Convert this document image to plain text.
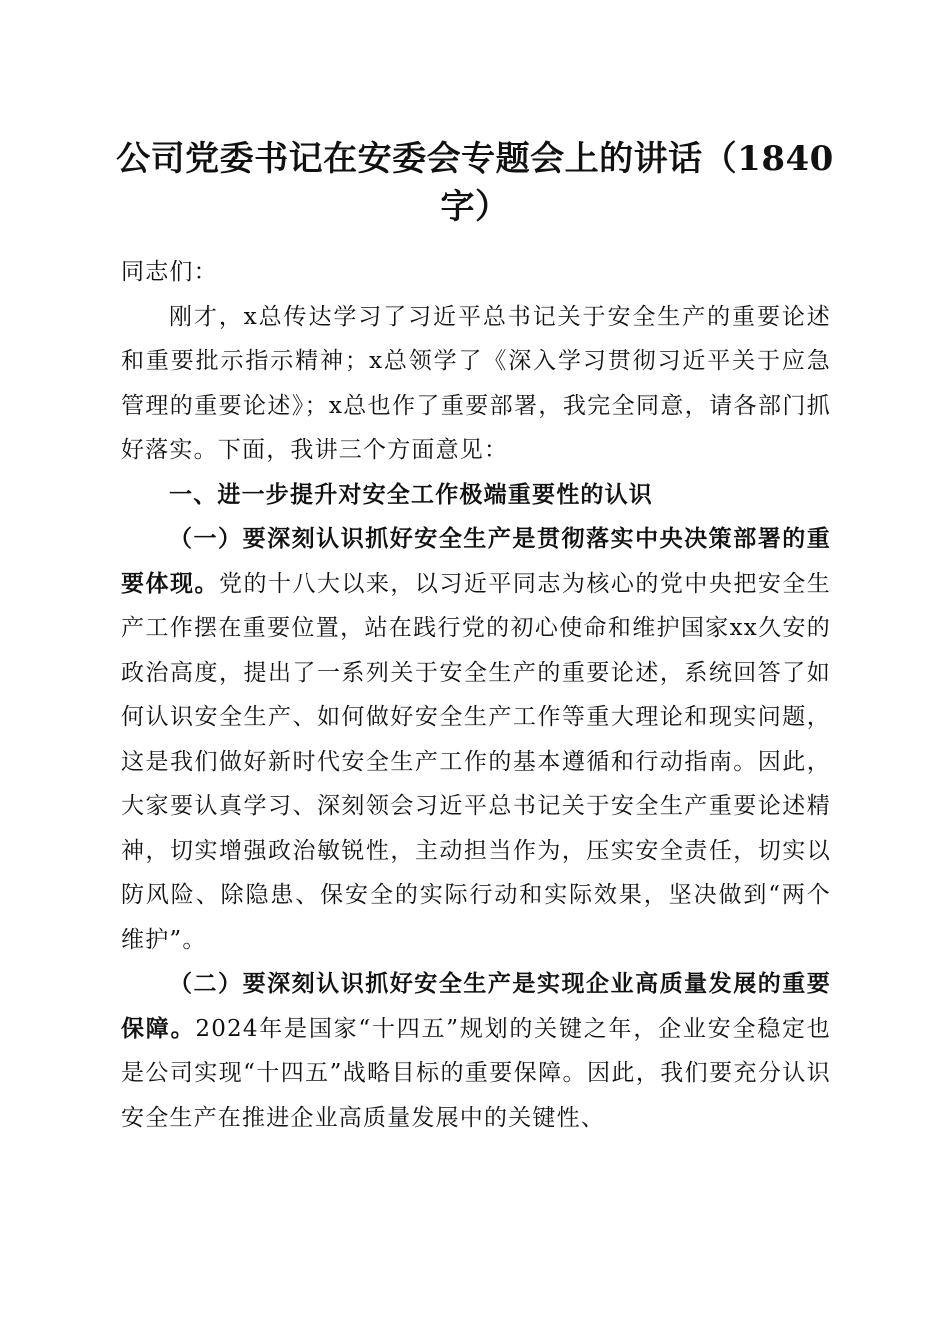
公司党委书记在安委会专题会上的讲话（1840字）

同志们：

刚才，x总传达学习了习近平总书记关于安全生产的重要论述和重要批示指示精神；x总领学了《深入学习贯彻习近平关于应急管理的重要论述》；x总也作了重要部署，我完全同意，请各部门抓好落实。下面，我讲三个方面意见：

一、进一步提升对安全工作极端重要性的认识

（一）要深刻认识抓好安全生产是贯彻落实中央决策部署的重要体现。党的十八大以来，以习近平同志为核心的党中央把安全生产工作摆在重要位置，站在践行党的初心使命和维护国家xx久安的政治高度，提出了一系列关于安全生产的重要论述，系统回答了如何认识安全生产、如何做好安全生产工作等重大理论和现实问题，这是我们做好新时代安全生产工作的基本遵循和行动指南。因此，大家要认真学习、深刻领会习近平总书记关于安全生产重要论述精神，切实增强政治敏锐性，主动担当作为，压实安全责任，切实以防风险、除隐患、保安全的实际行动和实际效果，坚决做到“两个维护”。

（二）要深刻认识抓好安全生产是实现企业高质量发展的重要保障。2024年是国家“十四五”规划的关键之年，企业安全稳定也是公司实现“十四五”战略目标的重要保障。因此，我们要充分认识安全生产在推进企业高质量发展中的关键性、
